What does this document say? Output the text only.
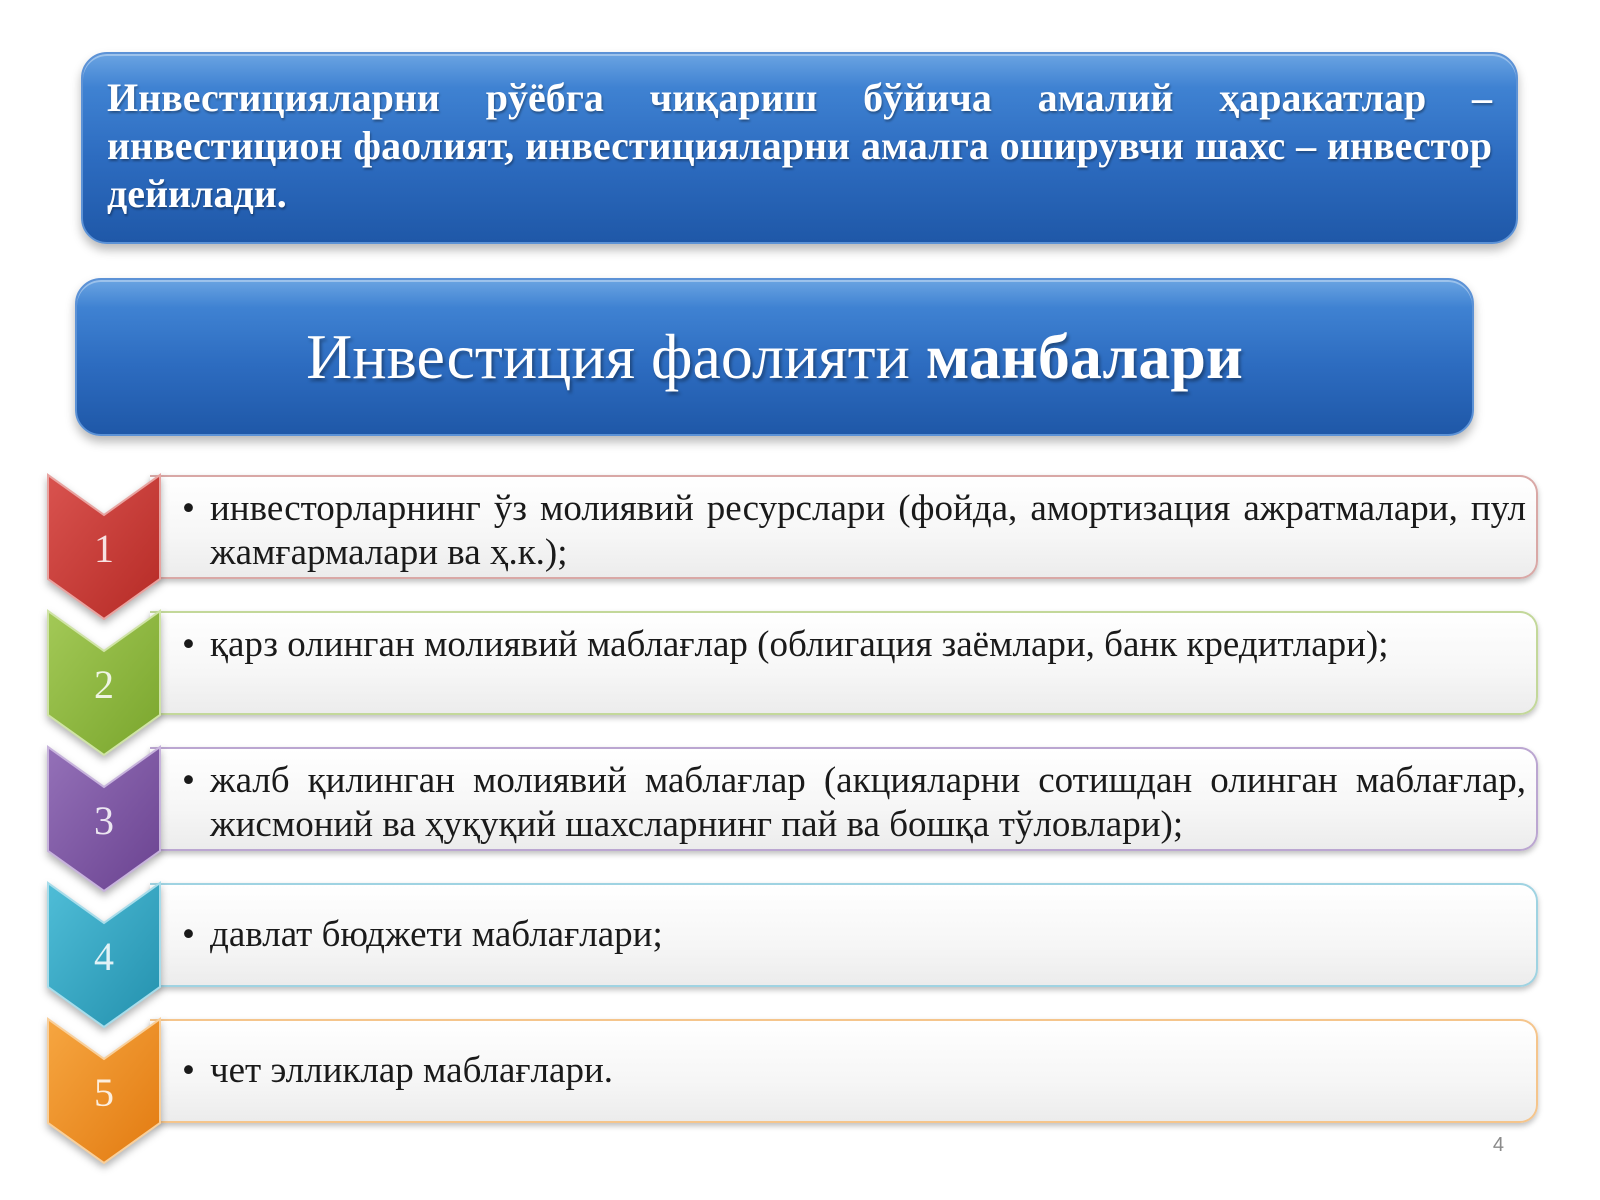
Инвестицияларни рўёбга чиқариш бўйича амалий ҳаракатлар – инвестицион фаолият, инвестицияларни амалга оширувчи шахс – инвестор дейилади.
Инвестиция фаолияти манбалари
• инвесторларнинг ўз молиявий ресурслари (фойда, амортизация ажратмалари, пул жамғармалари ва ҳ.к.);
1
• қарз олинган молиявий маблағлар (облигация заёмлари, банк кредитлари);
2
• жалб қилинган молиявий маблағлар (акцияларни сотишдан олинган маблағлар, жисмоний ва ҳуқуқий шахсларнинг пай ва бошқа тўловлари);
3
• давлат бюджети маблағлари;
4
• чет элликлар маблағлари.
5
4
